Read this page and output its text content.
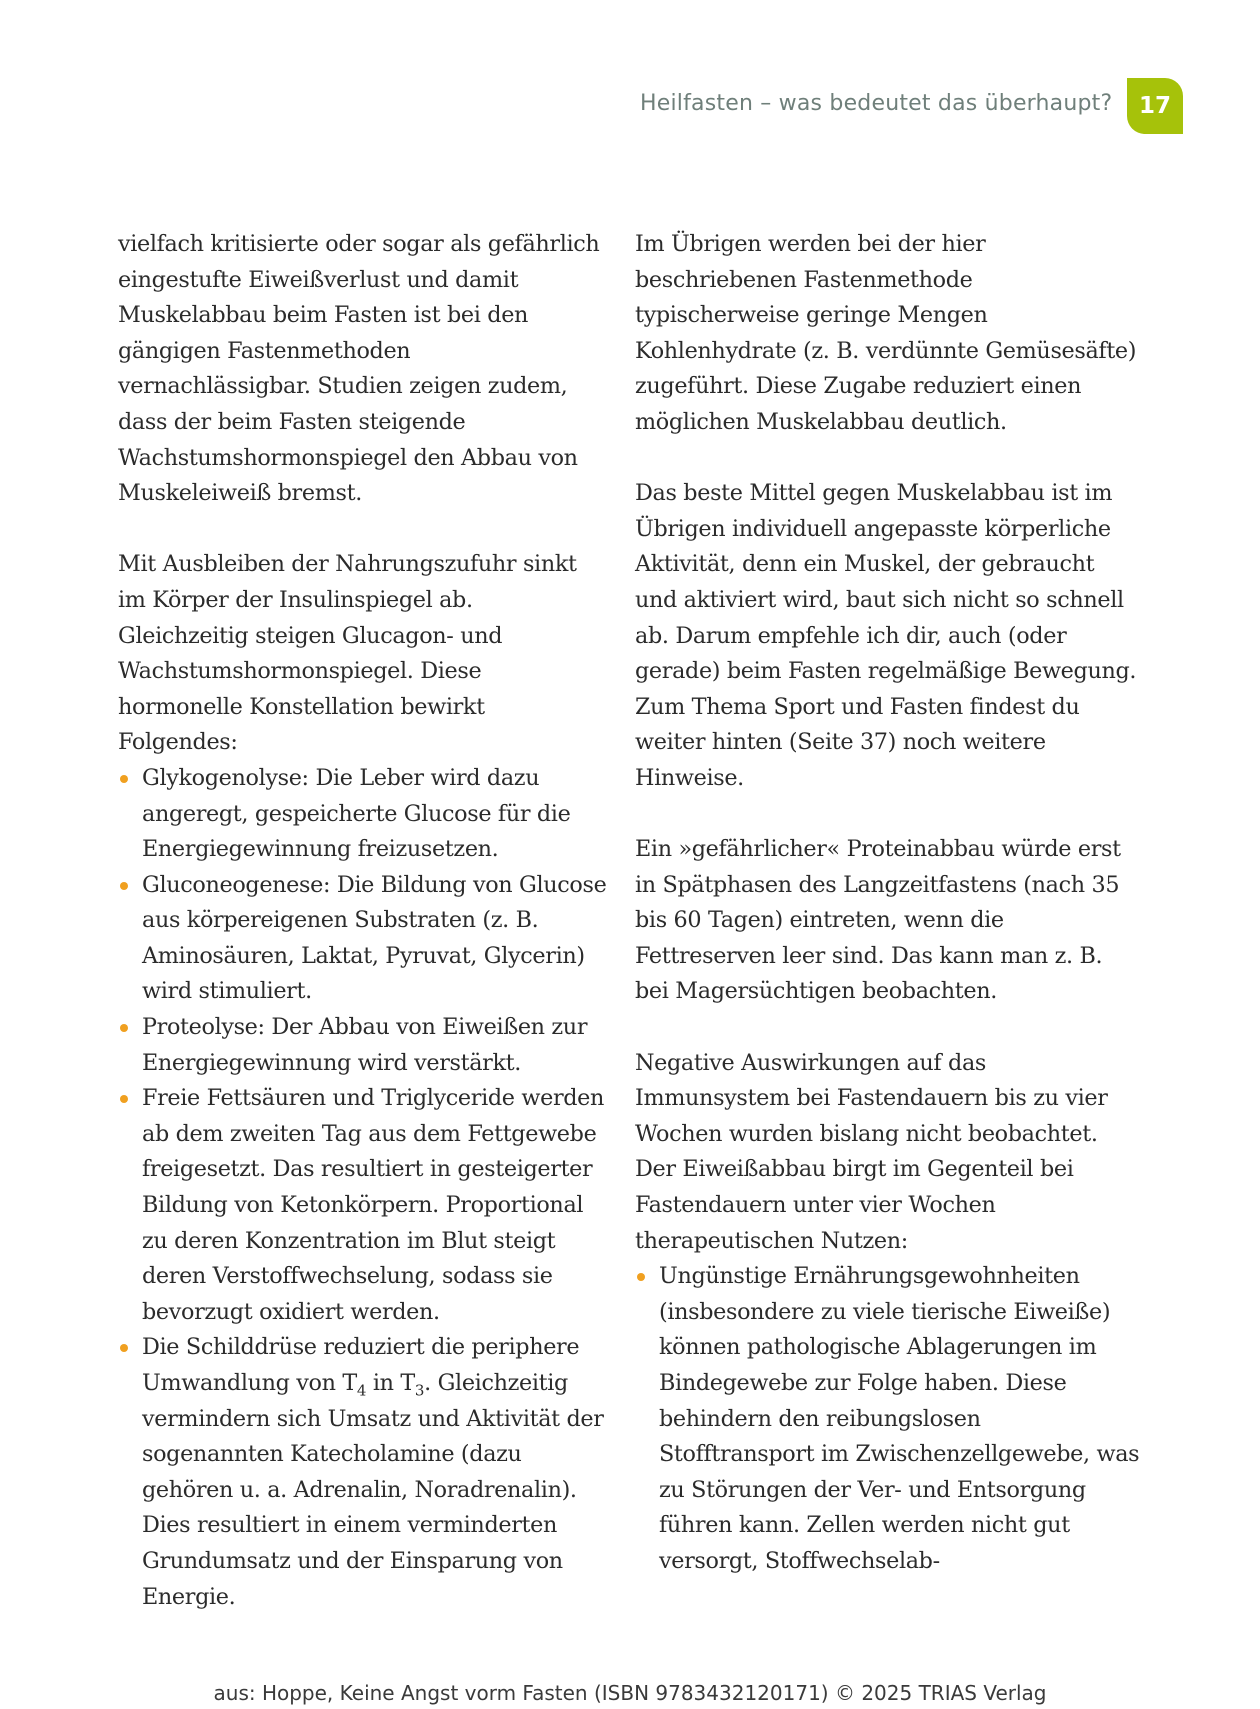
Heilfasten – was bedeutet das überhaupt?	17

vielfach kritisierte oder sogar als gefährlich eingestufte Eiweißverlust und damit Muskelabbau beim Fasten ist bei den gängigen Fastenmethoden vernachlässigbar. Studien zeigen zudem, dass der beim Fasten steigende Wachstumshormonspiegel den Abbau von Muskeleiweiß bremst.

Mit Ausbleiben der Nahrungszufuhr sinkt im Körper der Insulinspiegel ab. Gleichzeitig steigen Glucagon- und Wachstumshormonspiegel. Diese hormonelle Konstellation bewirkt Folgendes:

Glykogenolyse: Die Leber wird dazu angeregt, gespeicherte Glucose für die Energiegewinnung freizusetzen.
Gluconeogenese: Die Bildung von Glucose aus körpereigenen Substraten (z. B. Aminosäuren, Laktat, Pyruvat, Glycerin) wird stimuliert.
Proteolyse: Der Abbau von Eiweißen zur Energiegewinnung wird verstärkt.
Freie Fettsäuren und Triglyceride werden ab dem zweiten Tag aus dem Fettgewebe freigesetzt. Das resultiert in gesteigerter Bildung von Ketonkörpern. Proportional zu deren Konzentration im Blut steigt deren Verstoffwechselung, sodass sie bevorzugt oxidiert werden.
Die Schilddrüse reduziert die periphere Umwandlung von $T_4$ in $T_3$. Gleichzeitig vermindern sich Umsatz und Aktivität der sogenannten Katecholamine (dazu gehören u. a. Adrenalin, Noradrenalin). Dies resultiert in einem verminderten Grundumsatz und der Einsparung von Energie.

Im Übrigen werden bei der hier beschriebenen Fastenmethode typischerweise geringe Mengen Kohlenhydrate (z. B. verdünnte Gemüsesäfte) zugeführt. Diese Zugabe reduziert einen möglichen Muskelabbau deutlich.

Das beste Mittel gegen Muskelabbau ist im Übrigen individuell angepasste körperliche Aktivität, denn ein Muskel, der gebraucht und aktiviert wird, baut sich nicht so schnell ab. Darum empfehle ich dir, auch (oder gerade) beim Fasten regelmäßige Bewegung. Zum Thema Sport und Fasten findest du weiter hinten (Seite 37) noch weitere Hinweise.

Ein »gefährlicher« Proteinabbau würde erst in Spätphasen des Langzeitfastens (nach 35 bis 60 Tagen) eintreten, wenn die Fettreserven leer sind. Das kann man z. B. bei Magersüchtigen beobachten.

Negative Auswirkungen auf das Immunsystem bei Fastendauern bis zu vier Wochen wurden bislang nicht beobachtet. Der Eiweißabbau birgt im Gegenteil bei Fastendauern unter vier Wochen therapeutischen Nutzen:

Ungünstige Ernährungsgewohnheiten (insbesondere zu viele tierische Eiweiße) können pathologische Ablagerungen im Bindegewebe zur Folge haben. Diese behindern den reibungslosen Stofftransport im Zwischenzellgewebe, was zu Störungen der Ver- und Entsorgung führen kann. Zellen werden nicht gut versorgt, Stoffwechselab-
aus: Hoppe, Keine Angst vorm Fasten (ISBN 9783432120171) © 2025 TRIAS Verlag
